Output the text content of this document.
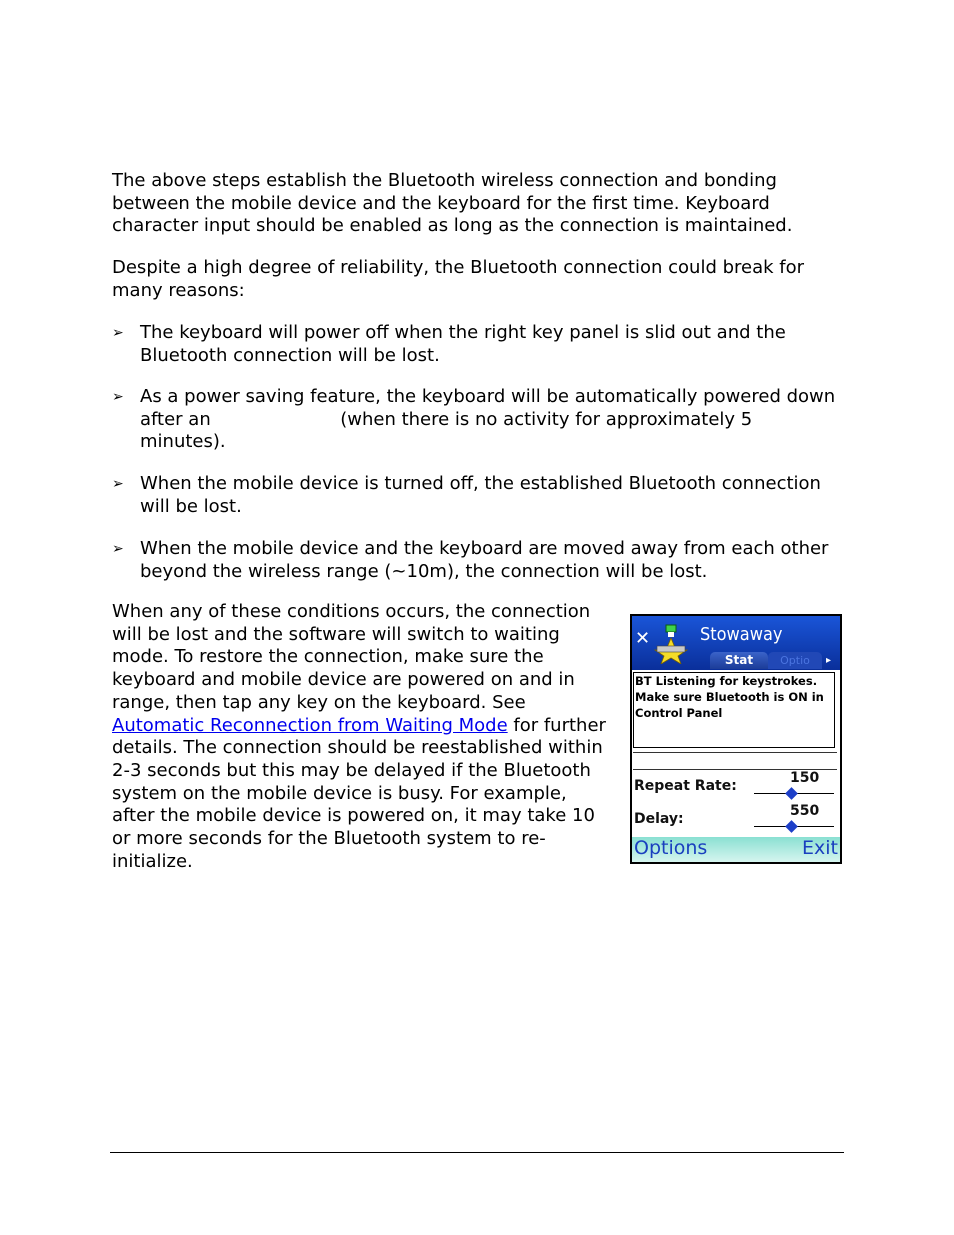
The above steps establish the Bluetooth wireless connection and bonding between the mobile device and the keyboard for the first time. Keyboard character input should be enabled as long as the connection is maintained.

Despite a high degree of reliability, the Bluetooth connection could break for many reasons:

➢ The keyboard will power off when the right key panel is slid out and the Bluetooth connection will be lost.
➢ As a power saving feature, the keyboard will be automatically powered down after an	(when there is no activity for approximately 5 minutes).
➢ When the mobile device is turned off, the established Bluetooth connection will be lost.
➢ When the mobile device and the keyboard are moved away from each other beyond the wireless range (~10m), the connection will be lost.

When any of these conditions occurs, the connection will be lost and the software will switch to waiting mode. To restore the connection, make sure the keyboard and mobile device are powered on and in range, then tap any key on the keyboard. See Automatic Reconnection from Waiting Mode for further details. The connection should be reestablished within 2-3 seconds but this may be delayed if the Bluetooth system on the mobile device is busy. For example, after the mobile device is powered on, it may take 10 or more seconds for the Bluetooth system to re-initialize.

✕	Stowaway
Stat	Optio	▸
BT Listening for keystrokes. Make sure Bluetooth is ON in Control Panel
Repeat Rate:	150
Delay:	550
Options	Exit
